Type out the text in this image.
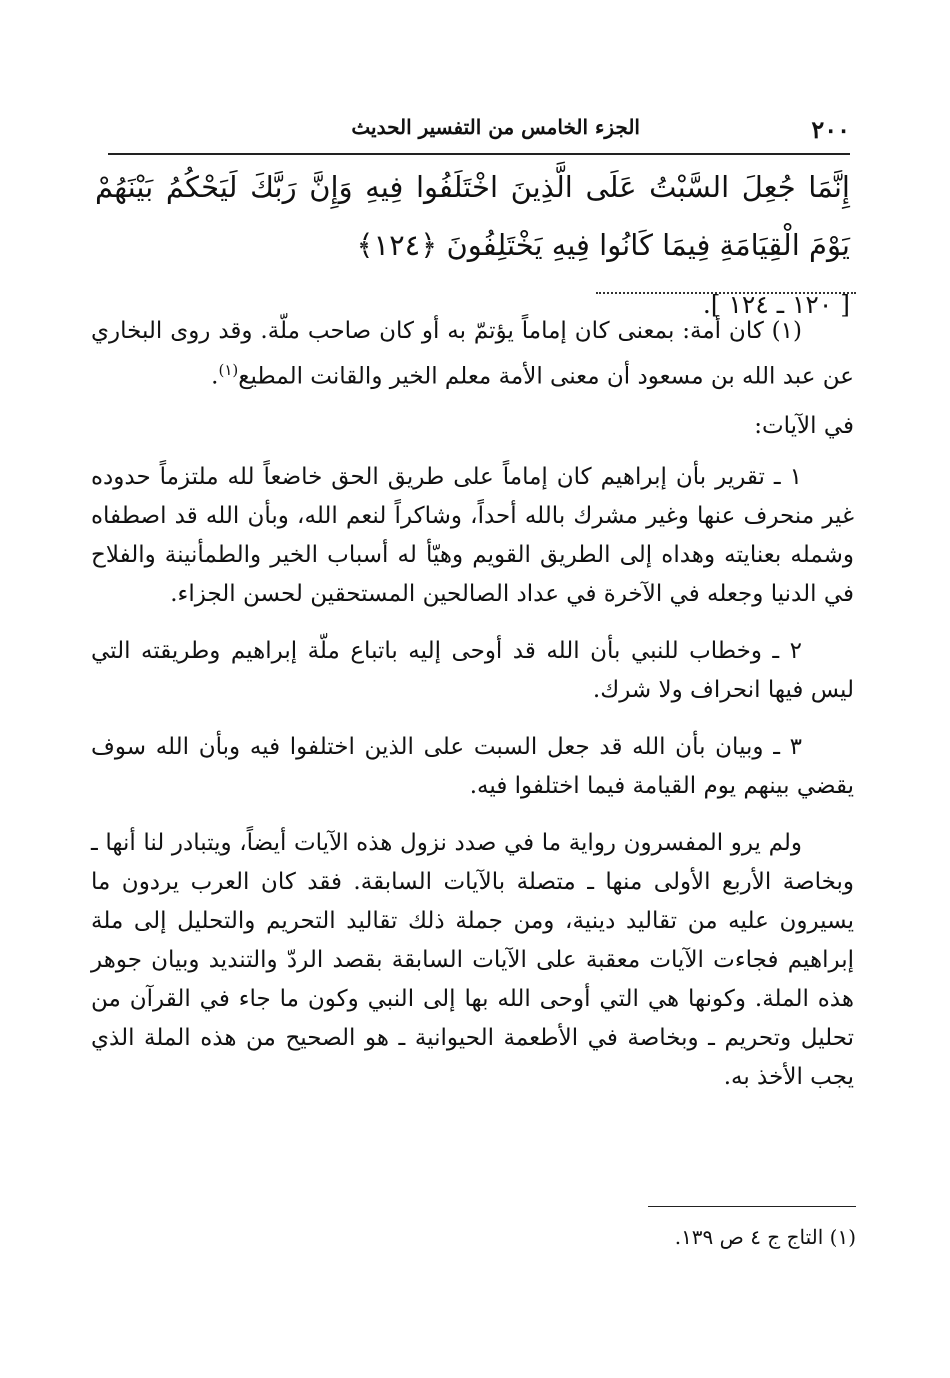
٢٠٠
الجزء الخامس من التفسير الحديث
إِنَّمَا جُعِلَ السَّبْتُ عَلَى الَّذِينَ اخْتَلَفُوا فِيهِ وَإِنَّ رَبَّكَ لَيَحْكُمُ بَيْنَهُمْ يَوْمَ الْقِيَامَةِ فِيمَا كَانُوا فِيهِ يَخْتَلِفُونَ ﴿١٢٤﴾
[ ١٢٠ ـ ١٢٤ ].

(١) كان أمة: بمعنى كان إماماً يؤتمّ به أو كان صاحب ملّة. وقد روى البخاري عن عبد الله بن مسعود أن معنى الأمة معلم الخير والقانت المطيع$^{(١)}$.

في الآيات:

١ ـ تقرير بأن إبراهيم كان إماماً على طريق الحق خاضعاً لله ملتزماً حدوده غير منحرف عنها وغير مشرك بالله أحداً، وشاكراً لنعم الله، وبأن الله قد اصطفاه وشمله بعنايته وهداه إلى الطريق القويم وهيّأ له أسباب الخير والطمأنينة والفلاح في الدنيا وجعله في الآخرة في عداد الصالحين المستحقين لحسن الجزاء.

٢ ـ وخطاب للنبي بأن الله قد أوحى إليه باتباع ملّة إبراهيم وطريقته التي ليس فيها انحراف ولا شرك.

٣ ـ وبيان بأن الله قد جعل السبت على الذين اختلفوا فيه وبأن الله سوف يقضي بينهم يوم القيامة فيما اختلفوا فيه.

ولم يرو المفسرون رواية ما في صدد نزول هذه الآيات أيضاً، ويتبادر لنا أنها ـ وبخاصة الأربع الأولى منها ـ متصلة بالآيات السابقة. فقد كان العرب يردون ما يسيرون عليه من تقاليد دينية، ومن جملة ذلك تقاليد التحريم والتحليل إلى ملة إبراهيم فجاءت الآيات معقبة على الآيات السابقة بقصد الردّ والتنديد وبيان جوهر هذه الملة. وكونها هي التي أوحى الله بها إلى النبي وكون ما جاء في القرآن من تحليل وتحريم ـ وبخاصة في الأطعمة الحيوانية ـ هو الصحيح من هذه الملة الذي يجب الأخذ به.

(١) التاج ج ٤ ص ١٣٩.
